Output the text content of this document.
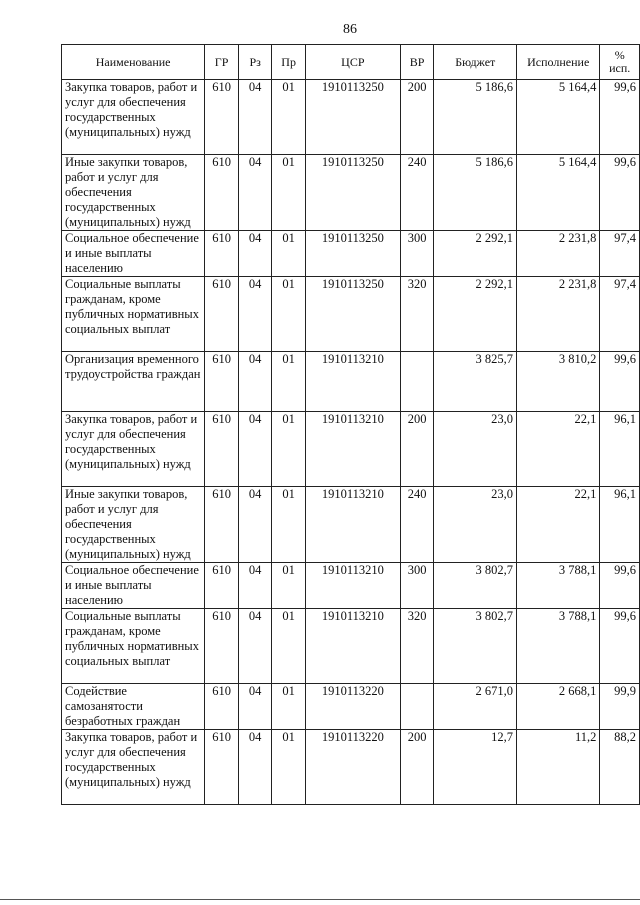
86
Наименование	ГР	Рз	Пр	ЦСР	ВР	Бюджет	Исполнение	%
исп.
Закупка товаров, работ и услуг для обеспечения государственных (муниципальных) нужд	610	04	01	1910113250	200	5 186,6	5 164,4	99,6
Иные закупки товаров, работ и услуг для обеспечения государственных (муниципальных) нужд	610	04	01	1910113250	240	5 186,6	5 164,4	99,6
Социальное обеспечение и иные выплаты населению	610	04	01	1910113250	300	2 292,1	2 231,8	97,4
Социальные выплаты гражданам, кроме публичных нормативных социальных выплат	610	04	01	1910113250	320	2 292,1	2 231,8	97,4
Организация временного трудоустройства граждан	610	04	01	1910113210		3 825,7	3 810,2	99,6
Закупка товаров, работ и услуг для обеспечения государственных (муниципальных) нужд	610	04	01	1910113210	200	23,0	22,1	96,1
Иные закупки товаров, работ и услуг для обеспечения государственных (муниципальных) нужд	610	04	01	1910113210	240	23,0	22,1	96,1
Социальное обеспечение и иные выплаты населению	610	04	01	1910113210	300	3 802,7	3 788,1	99,6
Социальные выплаты гражданам, кроме публичных нормативных социальных выплат	610	04	01	1910113210	320	3 802,7	3 788,1	99,6
Содействие самозанятости безработных граждан	610	04	01	1910113220		2 671,0	2 668,1	99,9
Закупка товаров, работ и услуг для обеспечения государственных (муниципальных) нужд	610	04	01	1910113220	200	12,7	11,2	88,2
